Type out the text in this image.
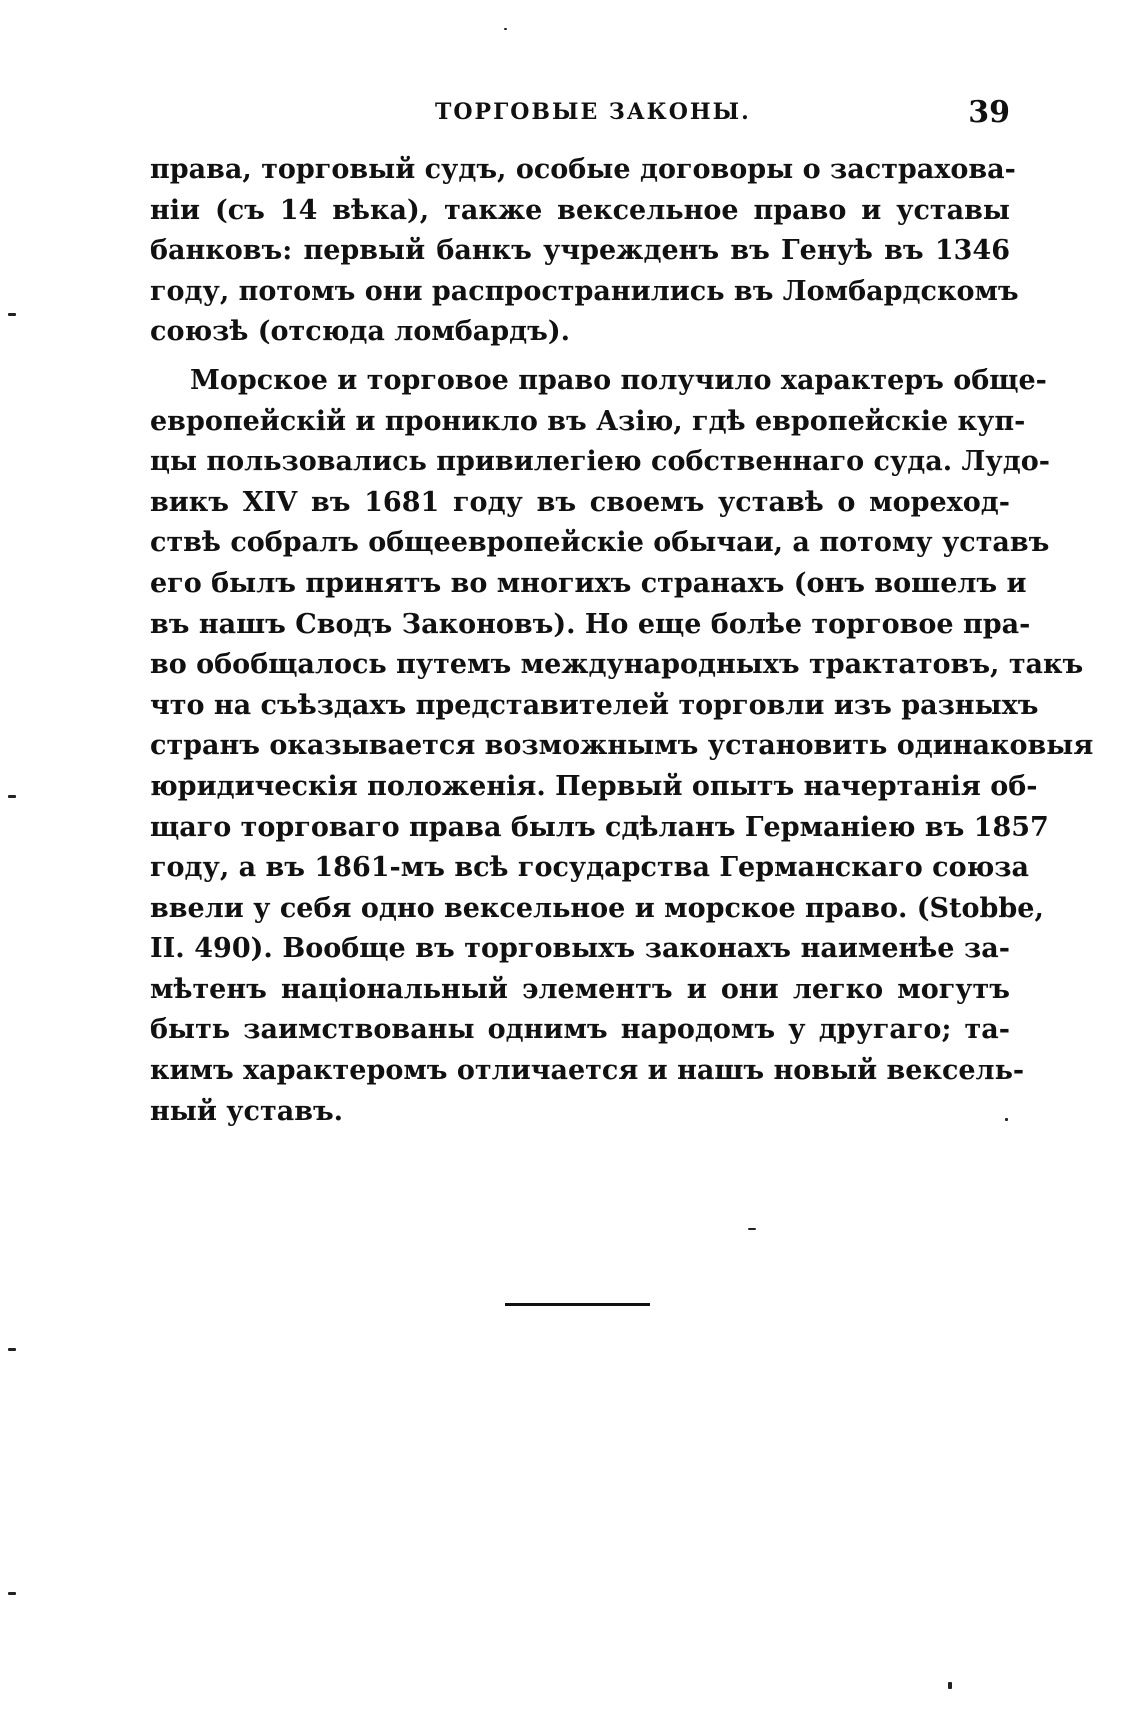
ТОРГОВЫЕ ЗАКОНЫ.	39
права, торговый судъ, особые договоры о застрахова-
нiи (съ 14 вѣка), также вексельное право и уставы
банковъ: первый банкъ учрежденъ въ Генуѣ въ 1346
году, потомъ они распространились въ Ломбардскомъ
союзѣ (отсюда ломбардъ).
Морское и торговое право получило характеръ обще-
европейскiй и проникло въ Азiю, гдѣ европейскiе куп-
цы пользовались привилегiею собственнаго суда. Лудо-
викъ XIV въ 1681 году въ своемъ уставѣ о мореход-
ствѣ собралъ общеевропейскiе обычаи, а потому уставъ
его былъ принятъ во многихъ странахъ (онъ вошелъ и
въ нашъ Сводъ Законовъ). Но еще болѣе торговое пра-
во обобщалось путемъ международныхъ трактатовъ, такъ
что на съѣздахъ представителей торговли изъ разныхъ
странъ оказывается возможнымъ установить одинаковыя
юридическiя положенiя. Первый опытъ начертанiя об-
щаго торговаго права былъ сдѣланъ Германiею въ 1857
году, а въ 1861-мъ всѣ государства Германскаго союза
ввели у себя одно вексельное и морское право. (Stobbe,
II. 490). Вообще въ торговыхъ законахъ наименѣе за-
мѣтенъ нацiональный элементъ и они легко могутъ
быть заимствованы однимъ народомъ у другаго; та-
кимъ характеромъ отличается и нашъ новый вексель-
ный уставъ.
